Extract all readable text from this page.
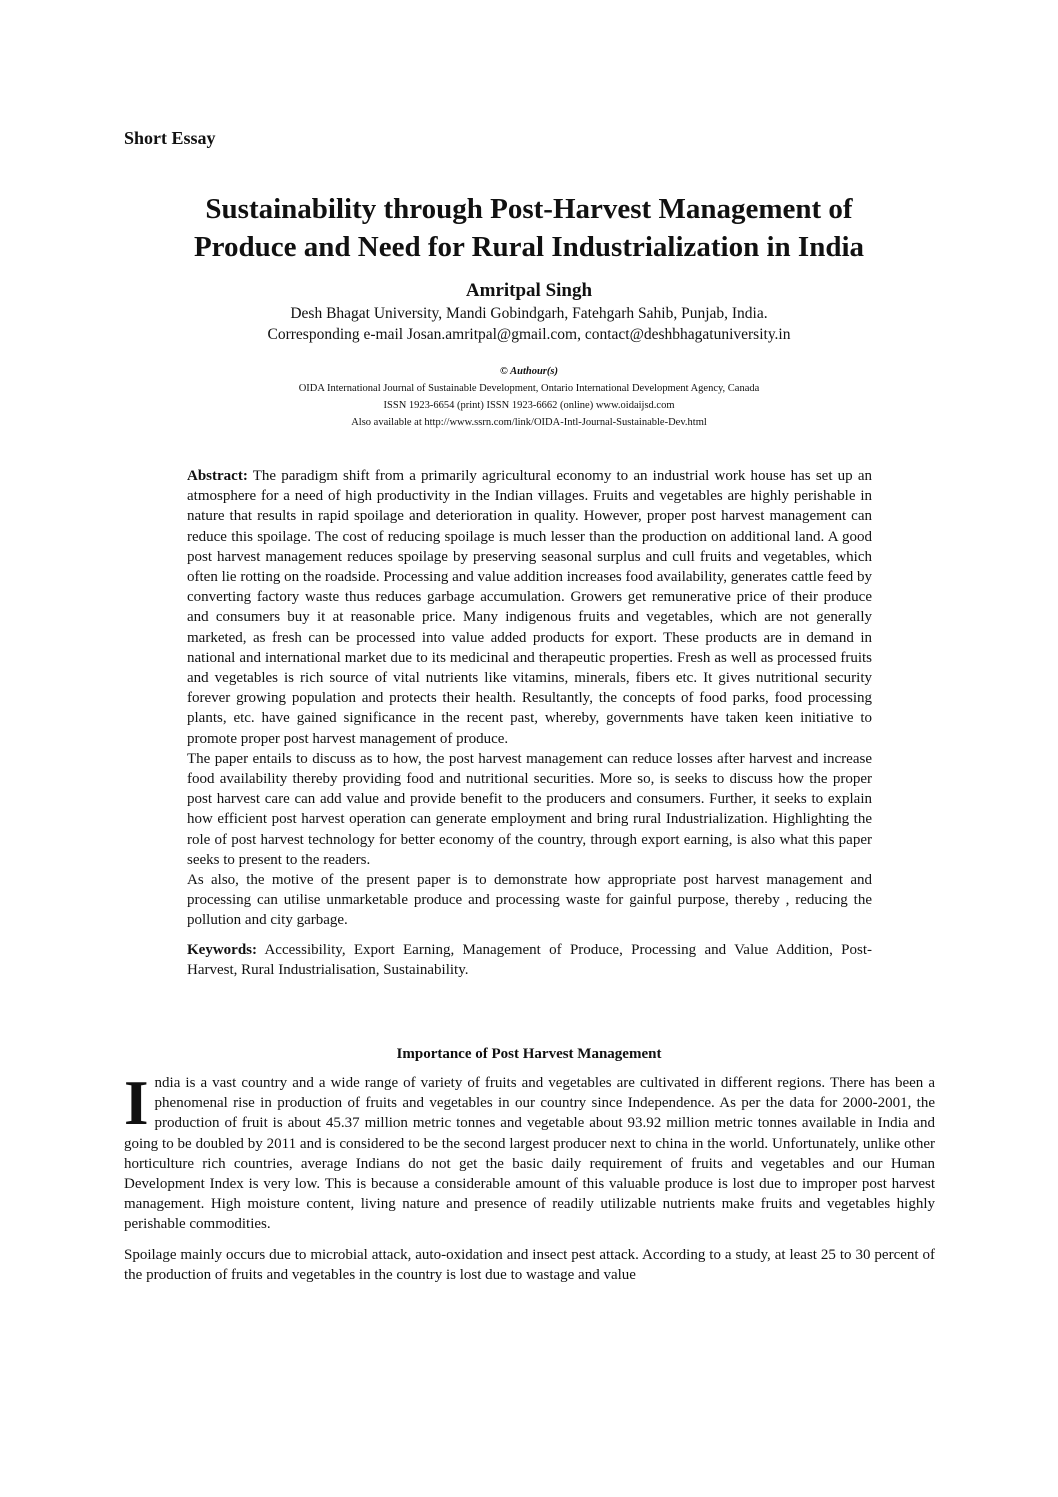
Short Essay
Sustainability through Post-Harvest Management of
Produce and Need for Rural Industrialization in India
Amritpal Singh
Desh Bhagat University, Mandi Gobindgarh, Fatehgarh Sahib, Punjab, India.
Corresponding e-mail Josan.amritpal@gmail.com, contact@deshbhagatuniversity.in
© Authour(s)
OIDA International Journal of Sustainable Development, Ontario International Development Agency, Canada
ISSN 1923-6654 (print) ISSN 1923-6662 (online) www.oidaijsd.com
Also available at http://www.ssrn.com/link/OIDA-Intl-Journal-Sustainable-Dev.html

Abstract: The paradigm shift from a primarily agricultural economy to an industrial work house has set up an atmosphere for a need of high productivity in the Indian villages. Fruits and vegetables are highly perishable in nature that results in rapid spoilage and deterioration in quality. However, proper post harvest management can reduce this spoilage. The cost of reducing spoilage is much lesser than the production on additional land. A good post harvest management reduces spoilage by preserving seasonal surplus and cull fruits and vegetables, which often lie rotting on the roadside. Processing and value addition increases food availability, generates cattle feed by converting factory waste thus reduces garbage accumulation. Growers get remunerative price of their produce and consumers buy it at reasonable price. Many indigenous fruits and vegetables, which are not generally marketed, as fresh can be processed into value added products for export. These products are in demand in national and international market due to its medicinal and therapeutic properties. Fresh as well as processed fruits and vegetables is rich source of vital nutrients like vitamins, minerals, fibers etc. It gives nutritional security forever growing population and protects their health. Resultantly, the concepts of food parks, food processing plants, etc. have gained significance in the recent past, whereby, governments have taken keen initiative to promote proper post harvest management of produce.

The paper entails to discuss as to how, the post harvest management can reduce losses after harvest and increase food availability thereby providing food and nutritional securities. More so, is seeks to discuss how the proper post harvest care can add value and provide benefit to the producers and consumers. Further, it seeks to explain how efficient post harvest operation can generate employment and bring rural Industrialization. Highlighting the role of post harvest technology for better economy of the country, through export earning, is also what this paper seeks to present to the readers.

As also, the motive of the present paper is to demonstrate how appropriate post harvest management and processing can utilise unmarketable produce and processing waste for gainful purpose, thereby , reducing the pollution and city garbage.

Keywords: Accessibility, Export Earning, Management of Produce, Processing and Value Addition, Post-Harvest, Rural Industrialisation, Sustainability.

Importance of Post Harvest Management

India is a vast country and a wide range of variety of fruits and vegetables are cultivated in different regions. There has been a phenomenal rise in production of fruits and vegetables in our country since Independence. As per the data for 2000-2001, the production of fruit is about 45.37 million metric tonnes and vegetable about 93.92 million metric tonnes available in India and going to be doubled by 2011 and is considered to be the second largest producer next to china in the world. Unfortunately, unlike other horticulture rich countries, average Indians do not get the basic daily requirement of fruits and vegetables and our Human Development Index is very low. This is because a considerable amount of this valuable produce is lost due to improper post harvest management. High moisture content, living nature and presence of readily utilizable nutrients make fruits and vegetables highly perishable commodities.

Spoilage mainly occurs due to microbial attack, auto-oxidation and insect pest attack. According to a study, at least 25 to 30 percent of the production of fruits and vegetables in the country is lost due to wastage and value
